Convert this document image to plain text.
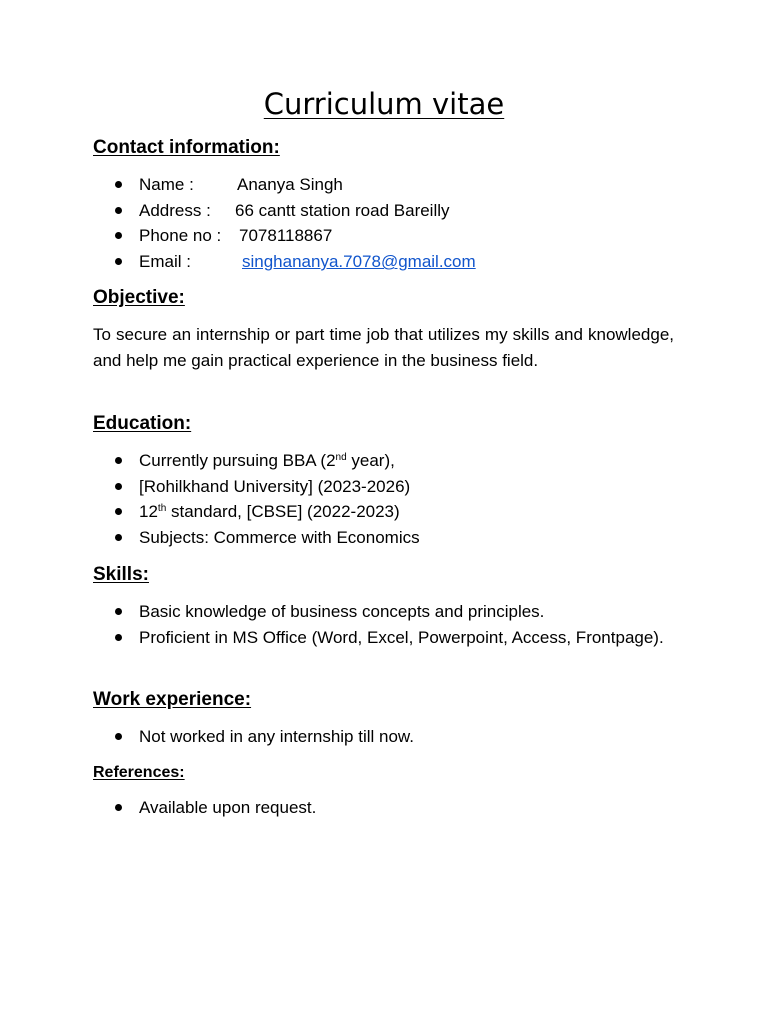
Curriculum vitae
Contact information:
Name :	Ananya Singh
Address : 66 cantt station road Bareilly
Phone no : 7078118867
Email :	singhananya.7078@gmail.com
Objective:

To secure an internship or part time job that utilizes my skills and knowledge, and help me gain practical experience in the business field.

Education:
Currently pursuing BBA (2nd year),
[Rohilkhand University] (2023-2026)
12th standard, [CBSE] (2022-2023)
Subjects: Commerce with Economics
Skills:
Basic knowledge of business concepts and principles.
Proficient in MS Office (Word, Excel, Powerpoint, Access, Frontpage).
Work experience:
Not worked in any internship till now.
References:
Available upon request.
